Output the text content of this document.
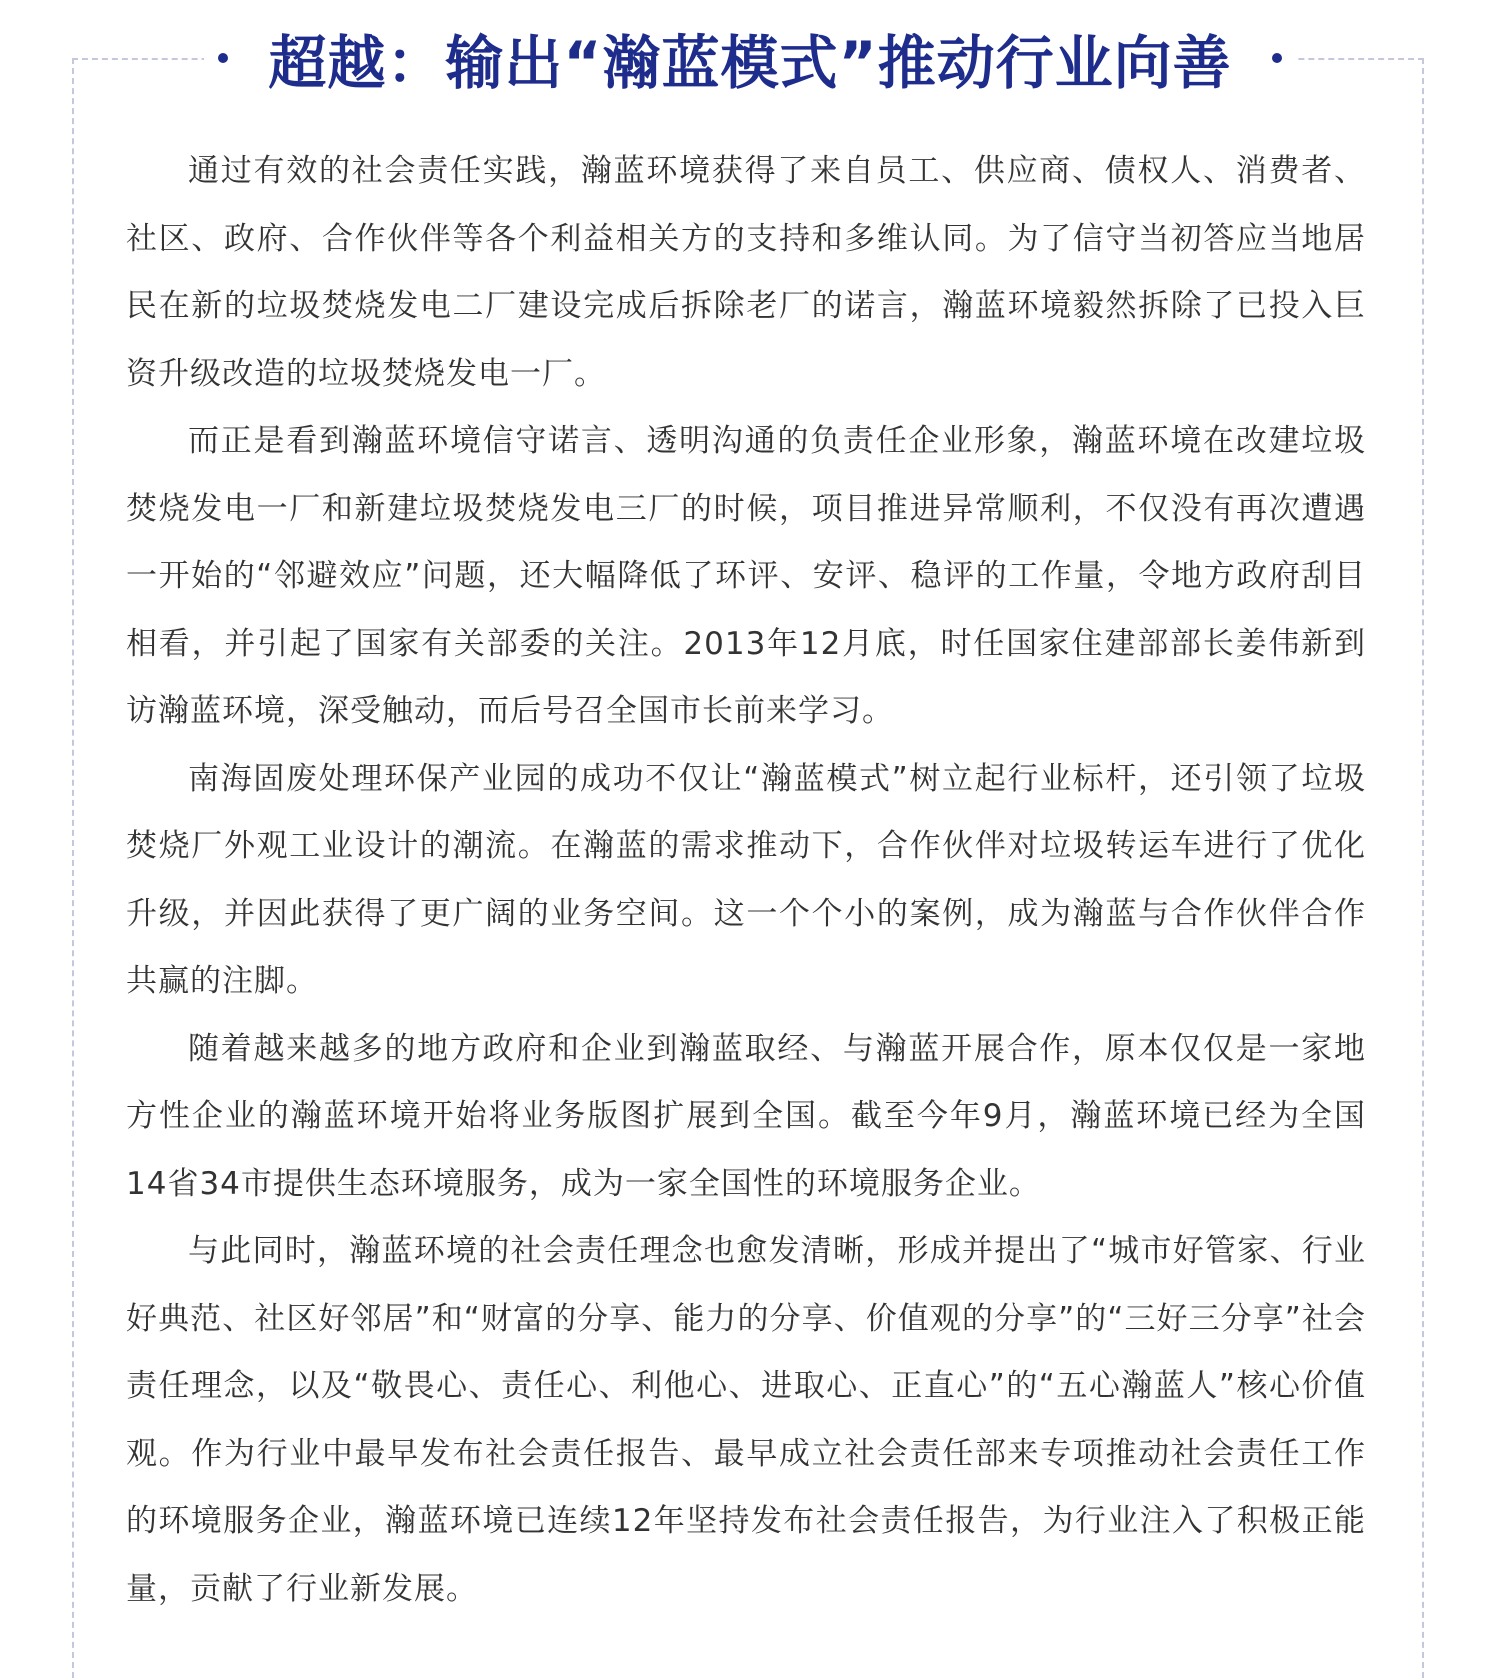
超越：输出“瀚蓝模式”推动行业向善

通过有效的社会责任实践，瀚蓝环境获得了来自员工、供应商、债权人、消费者、社区、政府、合作伙伴等各个利益相关方的支持和多维认同。为了信守当初答应当地居民在新的垃圾焚烧发电二厂建设完成后拆除老厂的诺言，瀚蓝环境毅然拆除了已投入巨资升级改造的垃圾焚烧发电一厂。

而正是看到瀚蓝环境信守诺言、透明沟通的负责任企业形象，瀚蓝环境在改建垃圾焚烧发电一厂和新建垃圾焚烧发电三厂的时候，项目推进异常顺利，不仅没有再次遭遇一开始的“邻避效应”问题，还大幅降低了环评、安评、稳评的工作量，令地方政府刮目相看，并引起了国家有关部委的关注。2013年12月底，时任国家住建部部长姜伟新到访瀚蓝环境，深受触动，而后号召全国市长前来学习。

南海固废处理环保产业园的成功不仅让“瀚蓝模式”树立起行业标杆，还引领了垃圾焚烧厂外观工业设计的潮流。在瀚蓝的需求推动下，合作伙伴对垃圾转运车进行了优化升级，并因此获得了更广阔的业务空间。这一个个小的案例，成为瀚蓝与合作伙伴合作共赢的注脚。

随着越来越多的地方政府和企业到瀚蓝取经、与瀚蓝开展合作，原本仅仅是一家地方性企业的瀚蓝环境开始将业务版图扩展到全国。截至今年9月，瀚蓝环境已经为全国14省34市提供生态环境服务，成为一家全国性的环境服务企业。

与此同时，瀚蓝环境的社会责任理念也愈发清晰，形成并提出了“城市好管家、行业好典范、社区好邻居”和“财富的分享、能力的分享、价值观的分享”的“三好三分享”社会责任理念，以及“敬畏心、责任心、利他心、进取心、正直心”的“五心瀚蓝人”核心价值观。作为行业中最早发布社会责任报告、最早成立社会责任部来专项推动社会责任工作的环境服务企业，瀚蓝环境已连续12年坚持发布社会责任报告，为行业注入了积极正能量，贡献了行业新发展。
